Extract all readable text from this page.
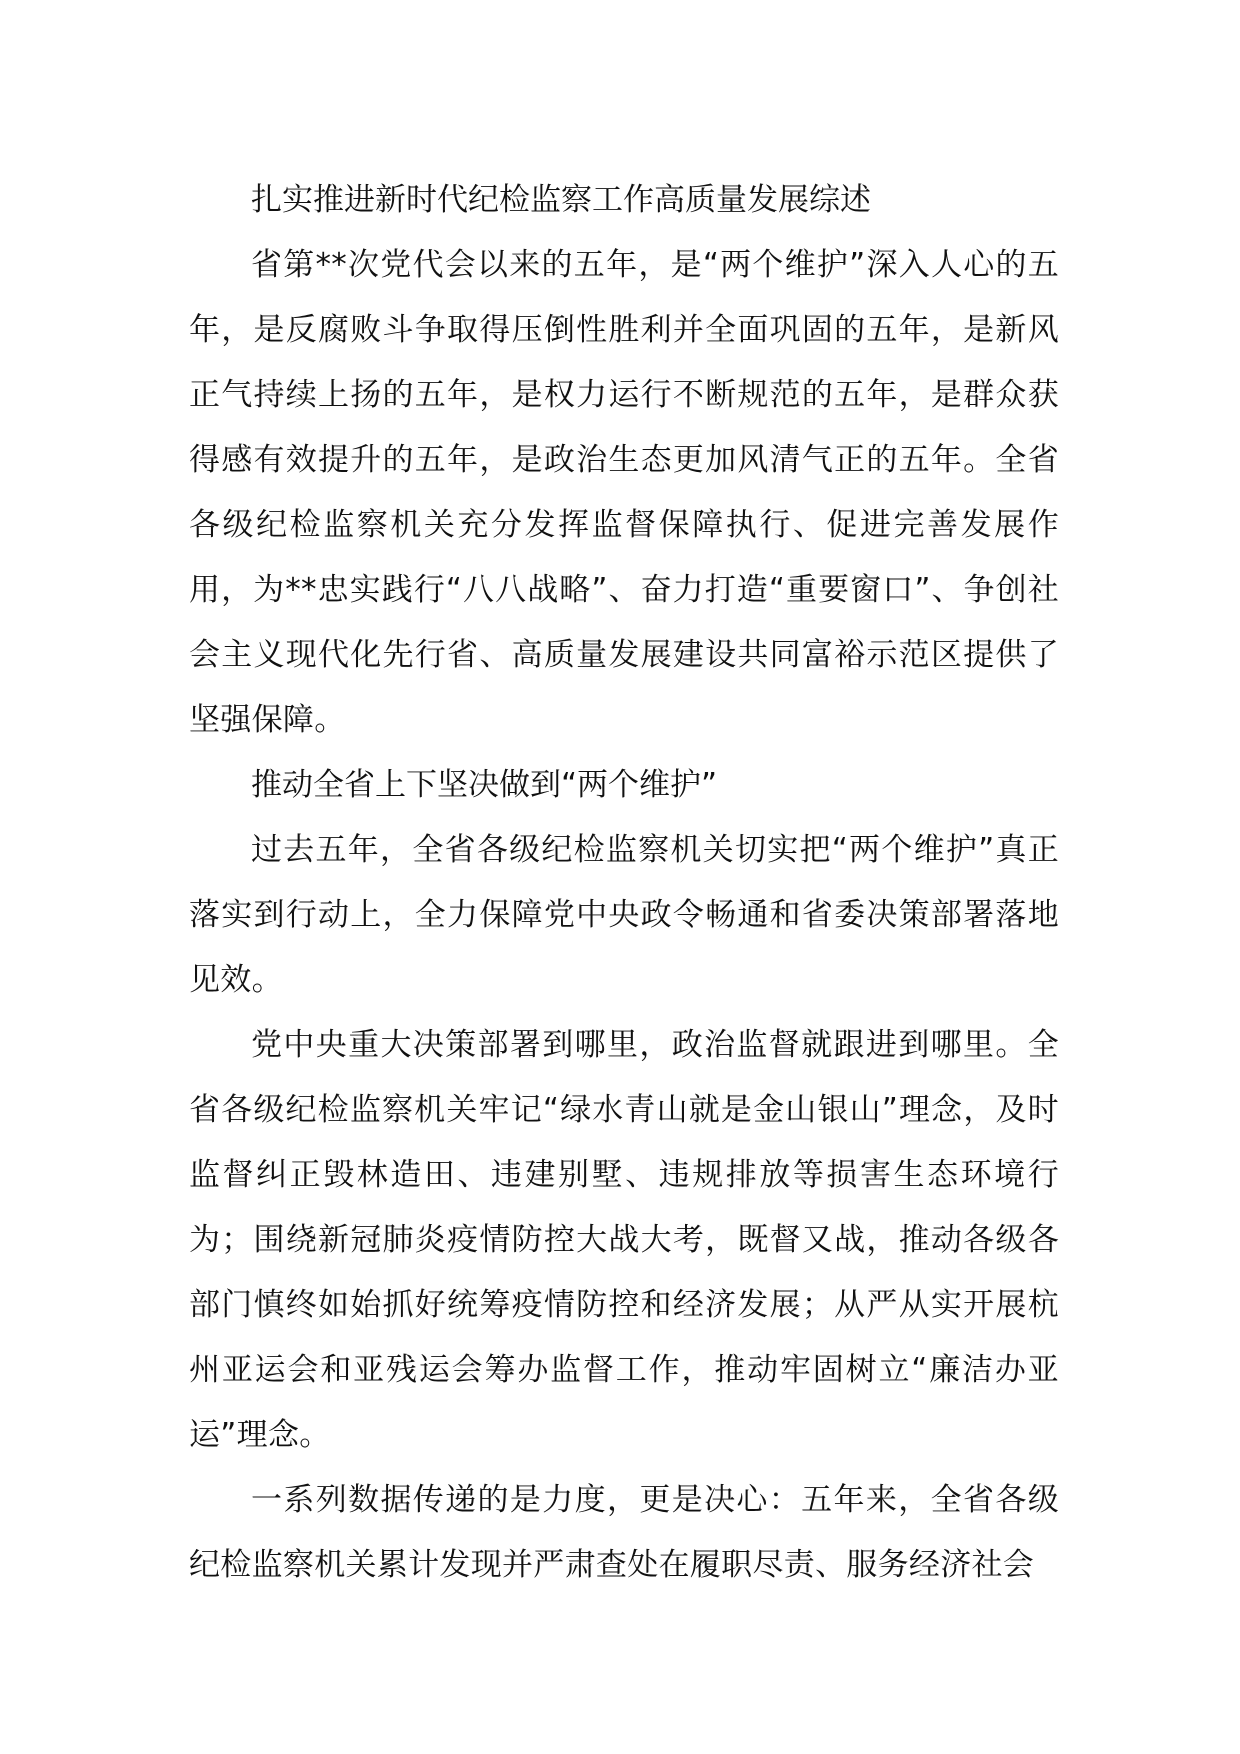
扎实推进新时代纪检监察工作高质量发展综述

省第**次党代会以来的五年，是“两个维护”深入人心的五年，是反腐败斗争取得压倒性胜利并全面巩固的五年，是新风正气持续上扬的五年，是权力运行不断规范的五年，是群众获得感有效提升的五年，是政治生态更加风清气正的五年。全省各级纪检监察机关充分发挥监督保障执行、促进完善发展作用，为**忠实践行“八八战略”、奋力打造“重要窗口”、争创社会主义现代化先行省、高质量发展建设共同富裕示范区提供了坚强保障。

推动全省上下坚决做到“两个维护”

过去五年，全省各级纪检监察机关切实把“两个维护”真正落实到行动上，全力保障党中央政令畅通和省委决策部署落地见效。

党中央重大决策部署到哪里，政治监督就跟进到哪里。全省各级纪检监察机关牢记“绿水青山就是金山银山”理念，及时监督纠正毁林造田、违建别墅、违规排放等损害生态环境行为；围绕新冠肺炎疫情防控大战大考，既督又战，推动各级各部门慎终如始抓好统筹疫情防控和经济发展；从严从实开展杭州亚运会和亚残运会筹办监督工作，推动牢固树立“廉洁办亚运”理念。

一系列数据传递的是力度，更是决心：五年来，全省各级纪检监察机关累计发现并严肃查处在履职尽责、服务经济社会
